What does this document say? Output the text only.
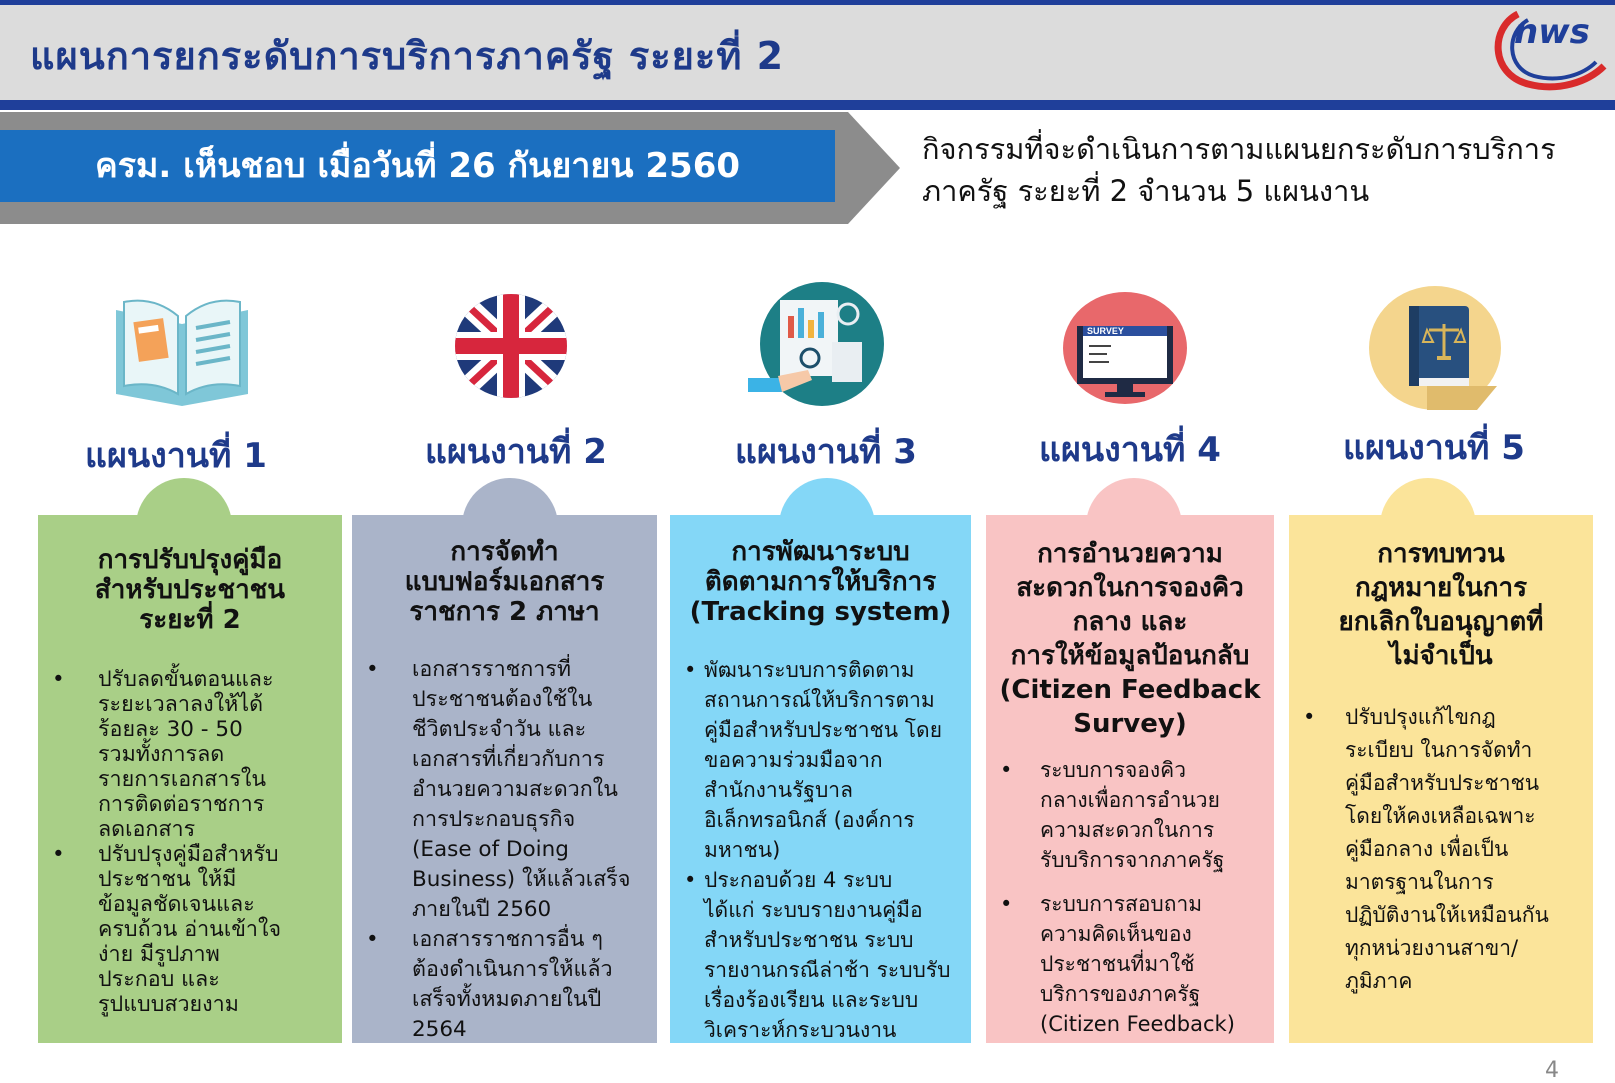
แผนการยกระดับการบริการภาครัฐ ระยะที่ 2
nws
ครม. เห็นชอบ เมื่อวันที่ 26 กันยายน 2560	กิจกรรมที่จะดำเนินการตามแผนยกระดับการบริการ
ภาครัฐ ระยะที่ 2 จำนวน 5 แผนงาน
SURVEY
แผนงานที่ 1	แผนงานที่ 2	แผนงานที่ 3	แผนงานที่ 4	แผนงานที่ 5
การปรับปรุงคู่มือ
สำหรับประชาชน
ระยะที่ 2
• ปรับลดขั้นตอนและ
ระยะเวลาลงให้ได้
ร้อยละ 30 - 50
รวมทั้งการลด
รายการเอกสารใน
การติดต่อราชการ
ลดเอกสาร
• ปรับปรุงคู่มือสำหรับ
ประชาชน ให้มี
ข้อมูลชัดเจนและ
ครบถ้วน อ่านเข้าใจ
ง่าย มีรูปภาพ
ประกอบ และ
รูปแบบสวยงาม
การจัดทำ
แบบฟอร์มเอกสาร
ราชการ 2 ภาษา
• เอกสารราชการที่
ประชาชนต้องใช้ใน
ชีวิตประจำวัน และ
เอกสารที่เกี่ยวกับการ
อำนวยความสะดวกใน
การประกอบธุรกิจ
(Ease of Doing
Business) ให้แล้วเสร็จ
ภายในปี 2560
• เอกสารราชการอื่น ๆ
ต้องดำเนินการให้แล้ว
เสร็จทั้งหมดภายในปี
2564
การพัฒนาระบบ
ติดตามการให้บริการ
(Tracking system)
• พัฒนาระบบการติดตาม
สถานการณ์ให้บริการตาม
คู่มือสำหรับประชาชน โดย
ขอความร่วมมือจาก
สำนักงานรัฐบาล
อิเล็กทรอนิกส์ (องค์การ
มหาชน)
• ประกอบด้วย 4 ระบบ
ได้แก่ ระบบรายงานคู่มือ
สำหรับประชาชน ระบบ
รายงานกรณีล่าช้า ระบบรับ
เรื่องร้องเรียน และระบบ
วิเคราะห์กระบวนงาน
การอำนวยความ
สะดวกในการจองคิว
กลาง และ
การให้ข้อมูลป้อนกลับ
(Citizen Feedback
Survey)
• ระบบการจองคิว
กลางเพื่อการอำนวย
ความสะดวกในการ
รับบริการจากภาครัฐ
• ระบบการสอบถาม
ความคิดเห็นของ
ประชาชนที่มาใช้
บริการของภาครัฐ
(Citizen Feedback)
การทบทวน
กฎหมายในการ
ยกเลิกใบอนุญาตที่
ไม่จำเป็น
• ปรับปรุงแก้ไขกฎ
ระเบียบ ในการจัดทำ
คู่มือสำหรับประชาชน
โดยให้คงเหลือเฉพาะ
คู่มือกลาง เพื่อเป็น
มาตรฐานในการ
ปฏิบัติงานให้เหมือนกัน
ทุกหน่วยงานสาขา/
ภูมิภาค
4
